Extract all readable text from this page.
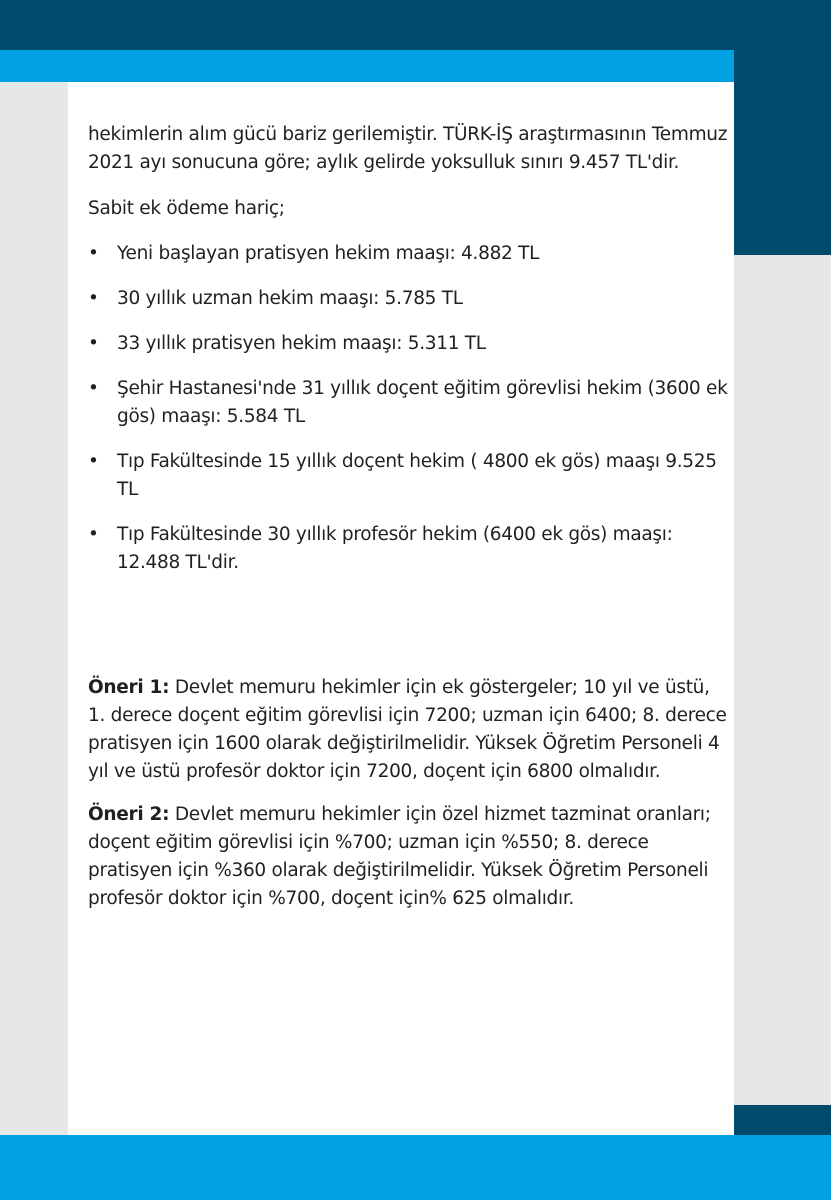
hekimlerin alım gücü bariz gerilemiştir. TÜRK-İŞ araştırmasının Temmuz 2021 ayı sonucuna göre; aylık gelirde yoksulluk sınırı 9.457 TL'dir.

Sabit ek ödeme hariç;

• Yeni başlayan pratisyen hekim maaşı: 4.882 TL
• 30 yıllık uzman hekim maaşı: 5.785 TL
• 33 yıllık pratisyen hekim maaşı: 5.311 TL
• Şehir Hastanesi'nde 31 yıllık doçent eğitim görevlisi hekim (3600 ek gös) maaşı: 5.584 TL
• Tıp Fakültesinde 15 yıllık doçent hekim ( 4800 ek gös) maaşı 9.525 TL
• Tıp Fakültesinde 30 yıllık profesör hekim (6400 ek gös) maaşı: 12.488 TL'dir.

Öneri 1: Devlet memuru hekimler için ek göstergeler; 10 yıl ve üstü, 1. derece doçent eğitim görevlisi için 7200; uzman için 6400; 8. derece pratisyen için 1600 olarak değiştirilmelidir. Yüksek Öğretim Personeli 4 yıl ve üstü profesör doktor için 7200, doçent için 6800 olmalıdır.

Öneri 2: Devlet memuru hekimler için özel hizmet tazminat oranları; doçent eğitim görevlisi için %700; uzman için %550; 8. derece pratisyen için %360 olarak değiştirilmelidir. Yüksek Öğretim Personeli profesör doktor için %700, doçent için% 625 olmalıdır.
